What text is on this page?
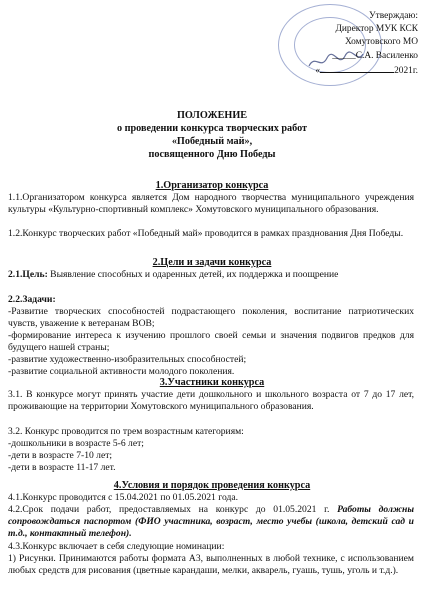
Утверждаю:
Директор МУК КСК
Хомутовского МО
_____С.А. Василенко
«	2021г.
ПОЛОЖЕНИЕ
о проведении конкурса творческих работ
«Победный май»,
посвященного Дню Победы
1.Организатор конкурса
1.1.Организатором конкурса является Дом народного творчества муниципального учреждения культуры «Культурно-спортивный комплекс» Хомутовского муниципального образования.
1.2.Конкурс творческих работ «Победный май» проводится в рамках празднования Дня Победы.
2.Цели и задачи конкурса
2.1.Цель: Выявление способных и одаренных детей, их поддержка и поощрение
2.2.Задачи:
-Развитие творческих способностей подрастающего поколения, воспитание патриотических чувств, уважение к ветеранам ВОВ;
-формирование интереса к изучению прошлого своей семьи и значения подвигов предков для будущего нашей страны;
-развитие художественно-изобразительных способностей;
-развитие социальной активности молодого поколения.
3.Участники конкурса
3.1. В конкурсе могут принять участие дети дошкольного и школьного возраста от 7 до 17 лет, проживающие на территории Хомутовского муниципального образования.
3.2. Конкурс проводится по трем возрастным категориям:
-дошкольники в возрасте 5-6 лет;
-дети в возрасте 7-10 лет;
-дети в возрасте 11-17 лет.
4.Условия и порядок проведения конкурса
4.1.Конкурс проводится с 15.04.2021 по 01.05.2021 года.
4.2.Срок подачи работ, предоставляемых на конкурс до 01.05.2021 г. Работы должны сопровождаться паспортом (ФИО участника, возраст, место учебы (школа, детский сад и т.д., контактный телефон).
4.3.Конкурс включает в себя следующие номинации:
1) Рисунки. Принимаются работы формата А3, выполненных в любой технике, с использованием любых средств для рисования (цветные карандаши, мелки, акварель, гуашь, тушь, уголь и т.д.).
